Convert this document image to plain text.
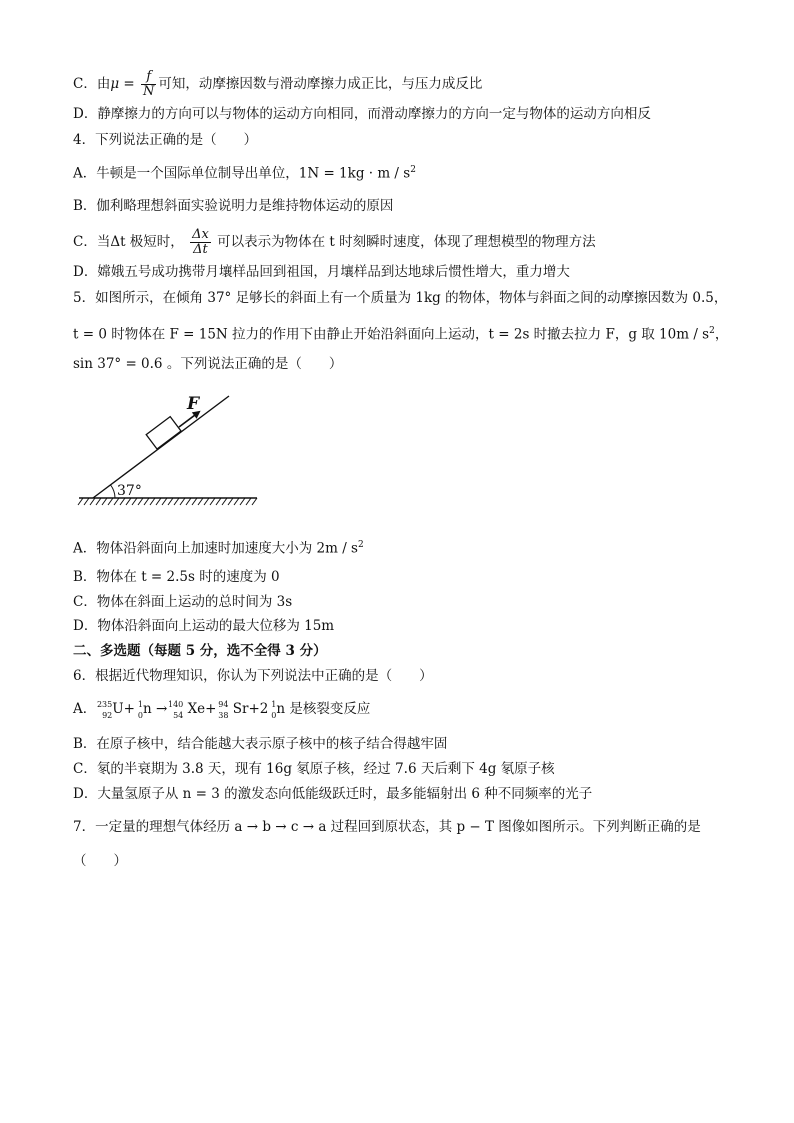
C．由$\mu = \frac{f}{N}$ 可知，动摩擦因数与滑动摩擦力成正比，与压力成反比
D．静摩擦力的方向可以与物体的运动方向相同，而滑动摩擦力的方向一定与物体的运动方向相反
4．下列说法正确的是（　　）
A．牛顿是一个国际单位制导出单位，$1N = 1kg \cdot m / s^2$
B．伽利略理想斜面实验说明力是维持物体运动的原因
C．当Δt 极短时， $\frac{\Delta x}{\Delta t}$ 可以表示为物体在 t 时刻瞬时速度，体现了理想模型的物理方法
D．嫦娥五号成功携带月壤样品回到祖国，月壤样品到达地球后惯性增大，重力增大
5．如图所示，在倾角 37° 足够长的斜面上有一个质量为 1kg 的物体，物体与斜面之间的动摩擦因数为 0.5，
t = 0 时物体在 F = 15N 拉力的作用下由静止开始沿斜面向上运动，t = 2s 时撤去拉力 F，g 取 $10m / s^2$，
sin 37° = 0.6 。下列说法正确的是（　　）
37°
F
A．物体沿斜面向上加速时加速度大小为 $2m / s^2$
B．物体在 t = 2.5s 时的速度为 0
C．物体在斜面上运动的总时间为 3s
D．物体沿斜面向上运动的最大位移为 15m
二、多选题（每题 5 分，选不全得 3 分）
6．根据近代物理知识，你认为下列说法中正确的是（　　）
A． 235
92 U+ 1
0 n → 140
54 Xe+ 94
38 Sr+2 1
0 n 是核裂变反应
B．在原子核中，结合能越大表示原子核中的核子结合得越牢固
C．氡的半衰期为 3.8 天，现有 16g 氡原子核，经过 7.6 天后剩下 4g 氡原子核
D．大量氢原子从 n = 3 的激发态向低能级跃迁时，最多能辐射出 6 种不同频率的光子
7．一定量的理想气体经历 a → b → c → a 过程回到原状态，其 p − T 图像如图所示。下列判断正确的是
（　　）
